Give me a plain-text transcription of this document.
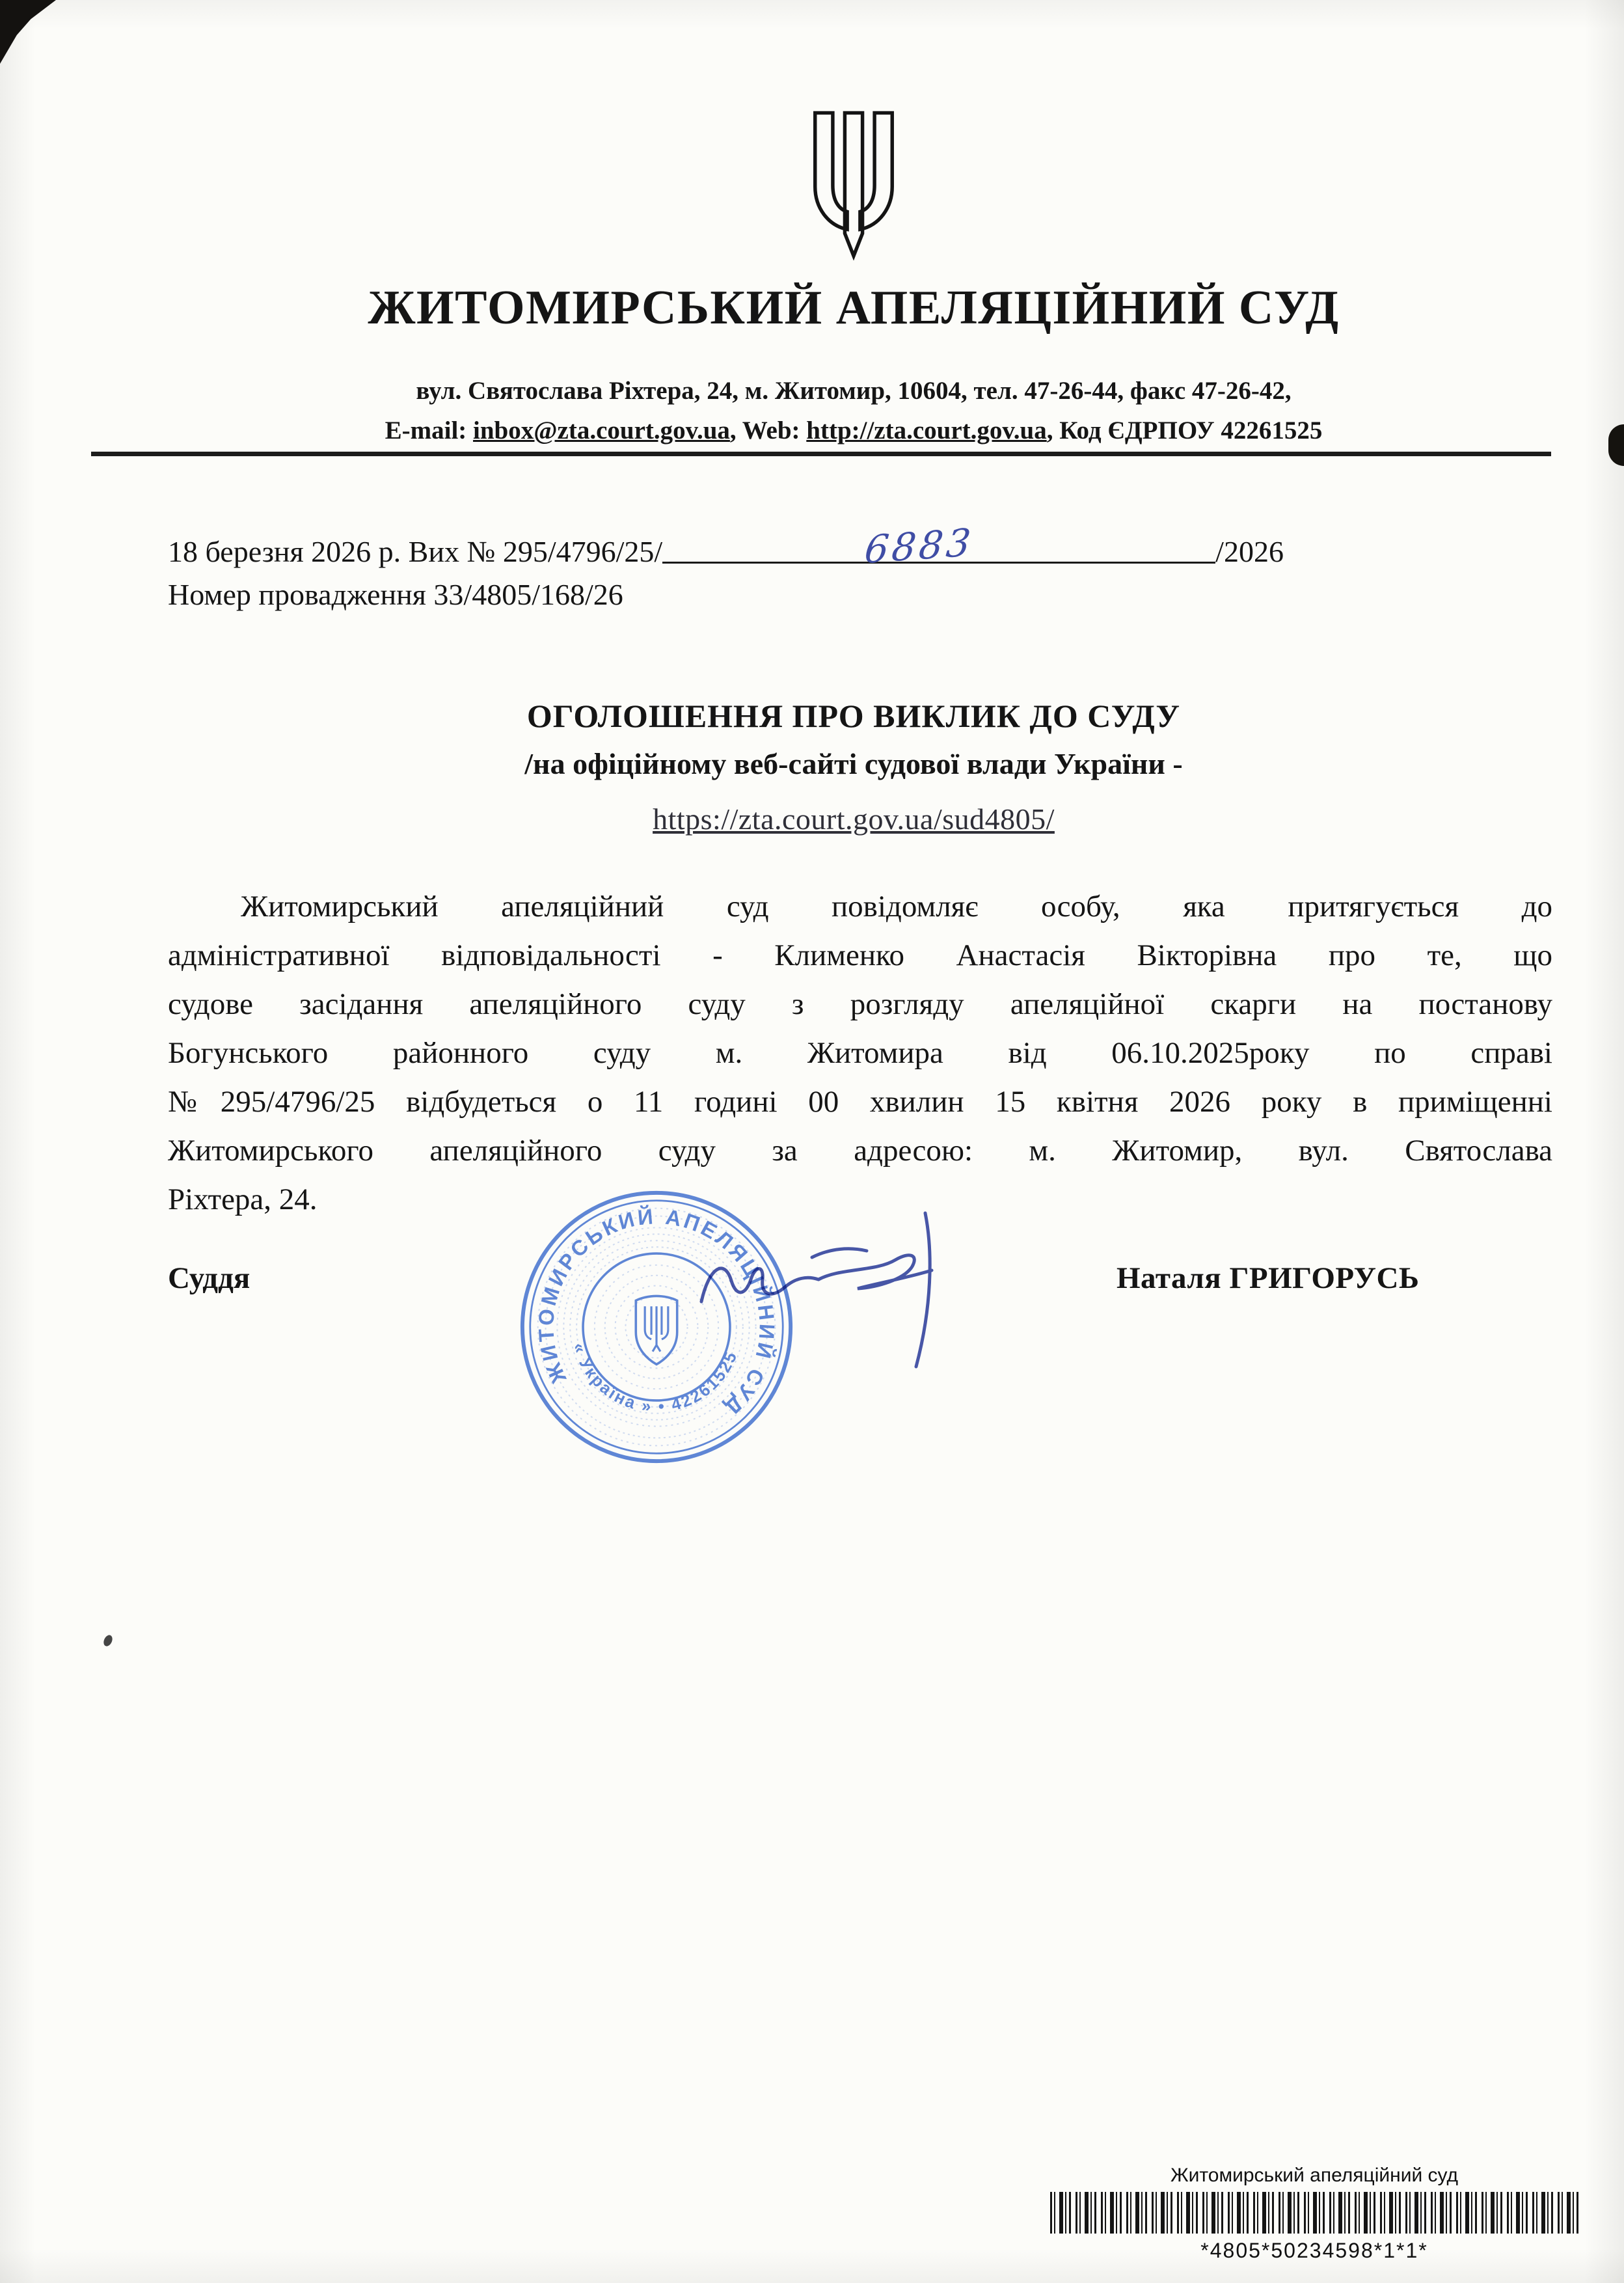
ЖИТОМИРСЬКИЙ АПЕЛЯЦІЙНИЙ СУД
вул. Святослава Ріхтера, 24, м. Житомир, 10604, тел. 47-26-44, факс 47-26-42,
E-mail: inbox@zta.court.gov.ua, Web: http://zta.court.gov.ua, Код ЄДРПОУ 42261525
18 березня 2026 р. Вих № 295/4796/25/	6883	/2026
Номер провадження 33/4805/168/26
ОГОЛОШЕННЯ ПРО ВИКЛИК ДО СУДУ
/на офіційному веб-сайті судової влади України -
https://zta.court.gov.ua/sud4805/
Житомирський апеляційний суд повідомляє особу, яка притягується до
адміністративної відповідальності - Клименко Анастасія Вікторівна про те, що
судове засідання апеляційного суду з розгляду апеляційної скарги на постанову
Богунського районного суду м. Житомира від 06.10.2025року по справі
№295/4796/25 відбудеться о 11 годині 00 хвилин 15 квітня 2026 року в приміщенні
Житомирського апеляційного суду за адресою: м. Житомир, вул. Святослава
Ріхтера, 24.
Суддя	Наталя ГРИГОРУСЬ
ЖИТОМИРСЬКИЙ АПЕЛЯЦІЙНИЙ СУД
« Україна » • 42261525
Житомирський апеляційний суд
*4805*50234598*1*1*
